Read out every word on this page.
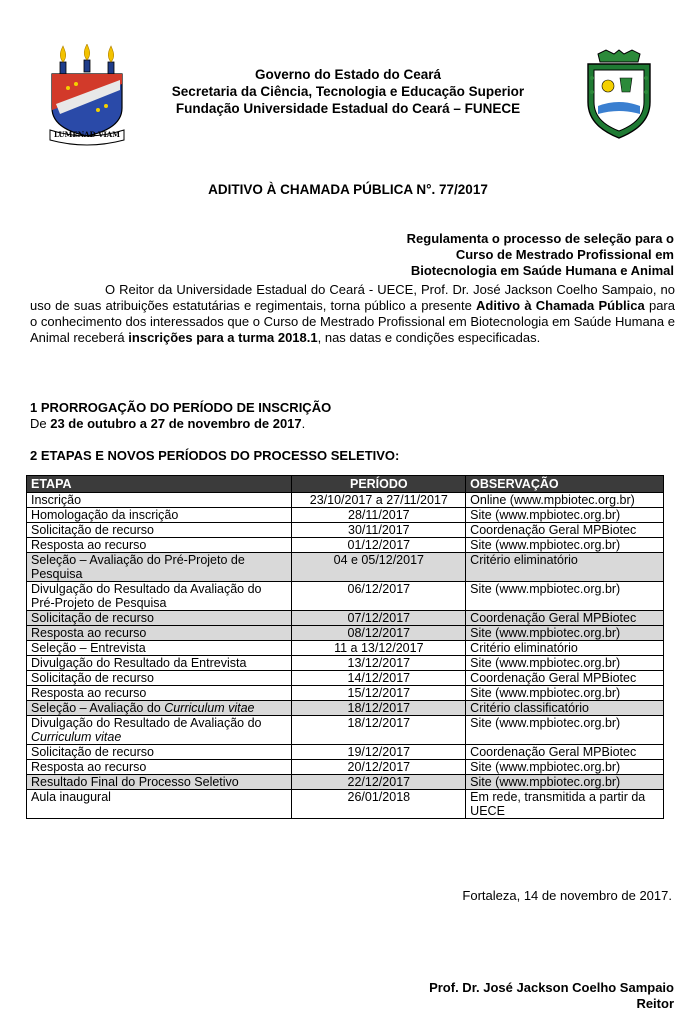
LUMENAD VIAM
Governo do Estado do Ceará
Secretaria da Ciência, Tecnologia e Educação Superior
Fundação Universidade Estadual do Ceará – FUNECE
ADITIVO À CHAMADA PÚBLICA N°. 77/2017
Regulamenta o processo de seleção para o
Curso de Mestrado Profissional em
Biotecnologia em Saúde Humana e Animal

O Reitor da Universidade Estadual do Ceará - UECE, Prof. Dr. José Jackson Coelho Sampaio, no uso de suas atribuições estatutárias e regimentais, torna público a presente Aditivo à Chamada Pública para o conhecimento dos interessados que o Curso de Mestrado Profissional em Biotecnologia em Saúde Humana e Animal receberá inscrições para a turma 2018.1, nas datas e condições especificadas.

1 PRORROGAÇÃO DO PERÍODO DE INSCRIÇÃO
De 23 de outubro a 27 de novembro de 2017.
2 ETAPAS E NOVOS PERÍODOS DO PROCESSO SELETIVO:
ETAPA	PERÍODO	OBSERVAÇÃO
Inscrição	23/10/2017 a 27/11/2017	Online (www.mpbiotec.org.br)
Homologação da inscrição	28/11/2017	Site (www.mpbiotec.org.br)
Solicitação de recurso	30/11/2017	Coordenação Geral MPBiotec
Resposta ao recurso	01/12/2017	Site (www.mpbiotec.org.br)
Seleção – Avaliação do Pré-Projeto de Pesquisa	04 e 05/12/2017	Critério eliminatório
Divulgação do Resultado da Avaliação do Pré-Projeto de Pesquisa	06/12/2017	Site (www.mpbiotec.org.br)
Solicitação de recurso	07/12/2017	Coordenação Geral MPBiotec
Resposta ao recurso	08/12/2017	Site (www.mpbiotec.org.br)
Seleção – Entrevista	11 a 13/12/2017	Critério eliminatório
Divulgação do Resultado da Entrevista	13/12/2017	Site (www.mpbiotec.org.br)
Solicitação de recurso	14/12/2017	Coordenação Geral MPBiotec
Resposta ao recurso	15/12/2017	Site (www.mpbiotec.org.br)
Seleção – Avaliação do Curriculum vitae	18/12/2017	Critério classificatório
Divulgação do Resultado de Avaliação do Curriculum vitae	18/12/2017	Site (www.mpbiotec.org.br)
Solicitação de recurso	19/12/2017	Coordenação Geral MPBiotec
Resposta ao recurso	20/12/2017	Site (www.mpbiotec.org.br)
Resultado Final do Processo Seletivo	22/12/2017	Site (www.mpbiotec.org.br)
Aula inaugural	26/01/2018	Em rede, transmitida a partir da UECE
Fortaleza, 14 de novembro de 2017.
Prof. Dr. José Jackson Coelho Sampaio
Reitor
